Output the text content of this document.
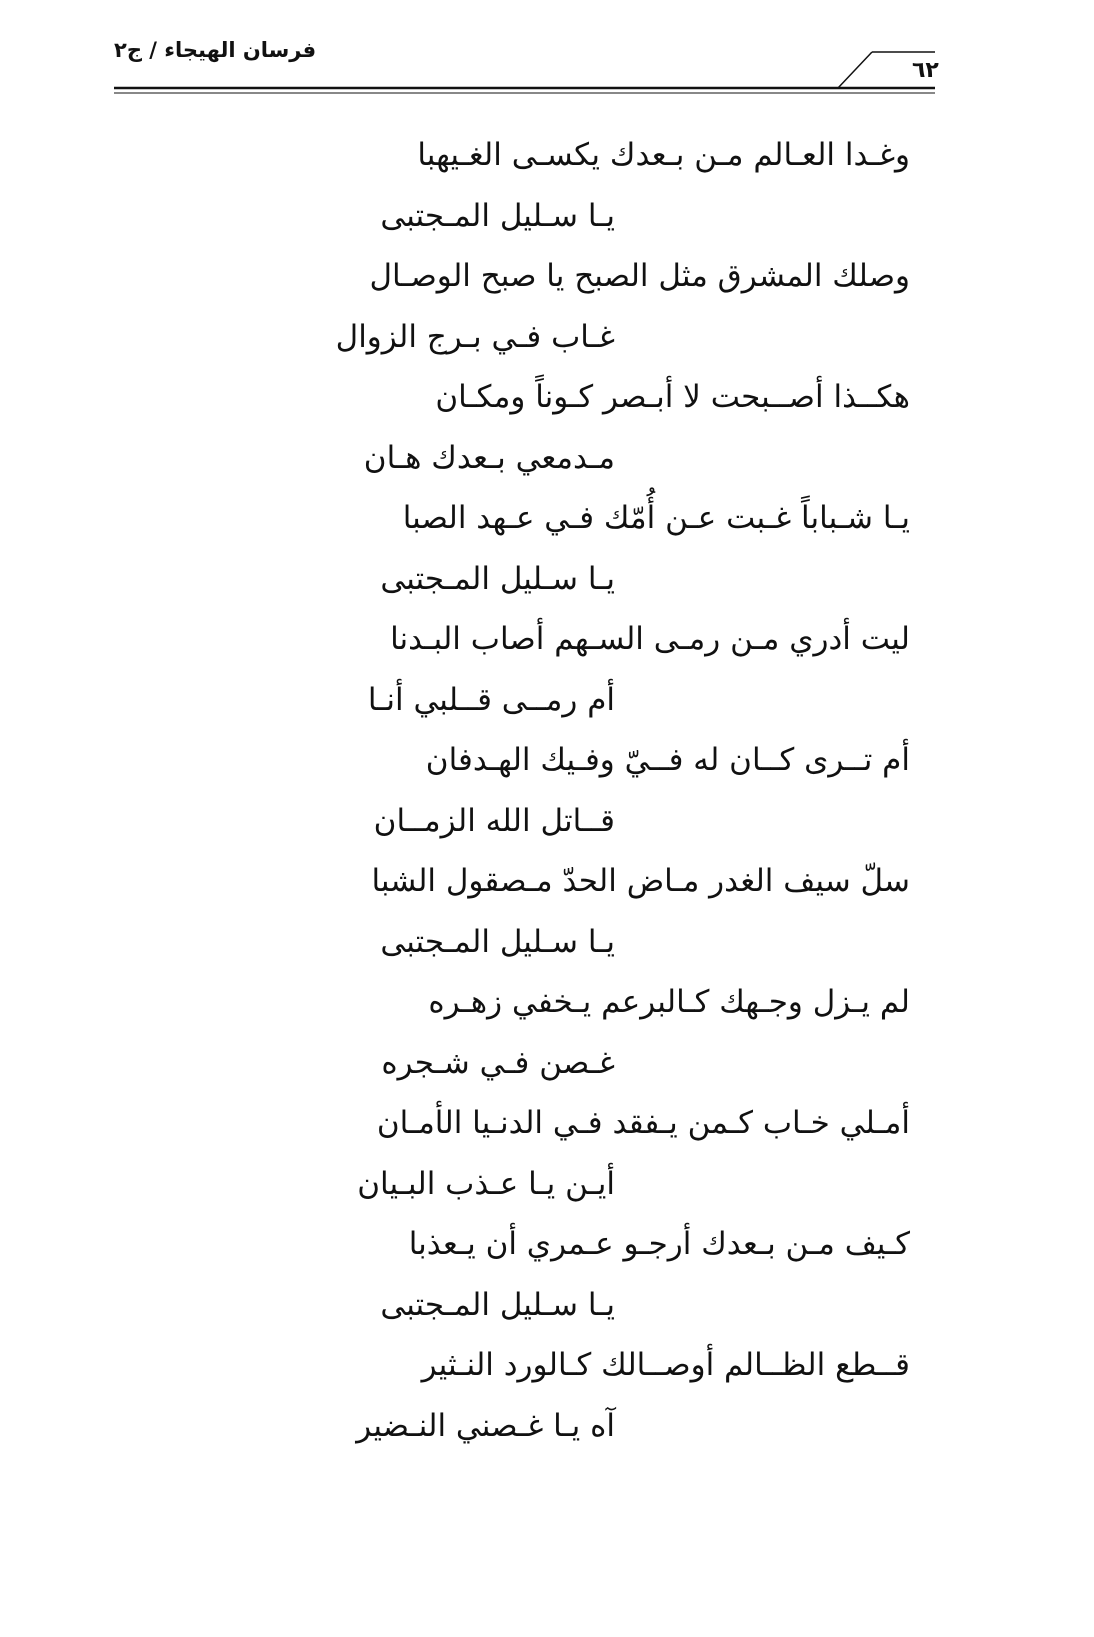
فرسان الهيجاء / ج٢
٦٢
وغـدا العـالم مـن بـعدك يكسـى الغـيهبا
يـا سـليل المـجتبى
وصلك المشرق مثل الصبح يا صبح الوصـال
غـاب فـي بـرج الزوال
هكــذا أصــبحت لا أبـصر كـوناً ومكـان
مـدمعي بـعدك هـان
يـا شـباباً غـبت عـن أُمّك فـي عـهد الصبا
يـا سـليل المـجتبى
ليت أدري مـن رمـى السـهم أصاب البـدنا
أم رمــى قــلبي أنـا
أم تــرى كــان له فــيّ وفـيك الهـدفان
قــاتل الله الزمــان
سلّ سيف الغدر مـاض الحدّ مـصقول الشبا
يـا سـليل المـجتبى
لم يـزل وجـهك كـالبرعم يـخفي زهـره
غـصن فـي شـجره
أمـلي خـاب كـمن يـفقد فـي الدنـيا الأمـان
أيـن يـا عـذب البـيان
كـيف مـن بـعدك أرجـو عـمري أن يـعذبا
يـا سـليل المـجتبى
قــطع الظــالم أوصــالك كـالورد النـثير
آه يـا غـصني النـضير
